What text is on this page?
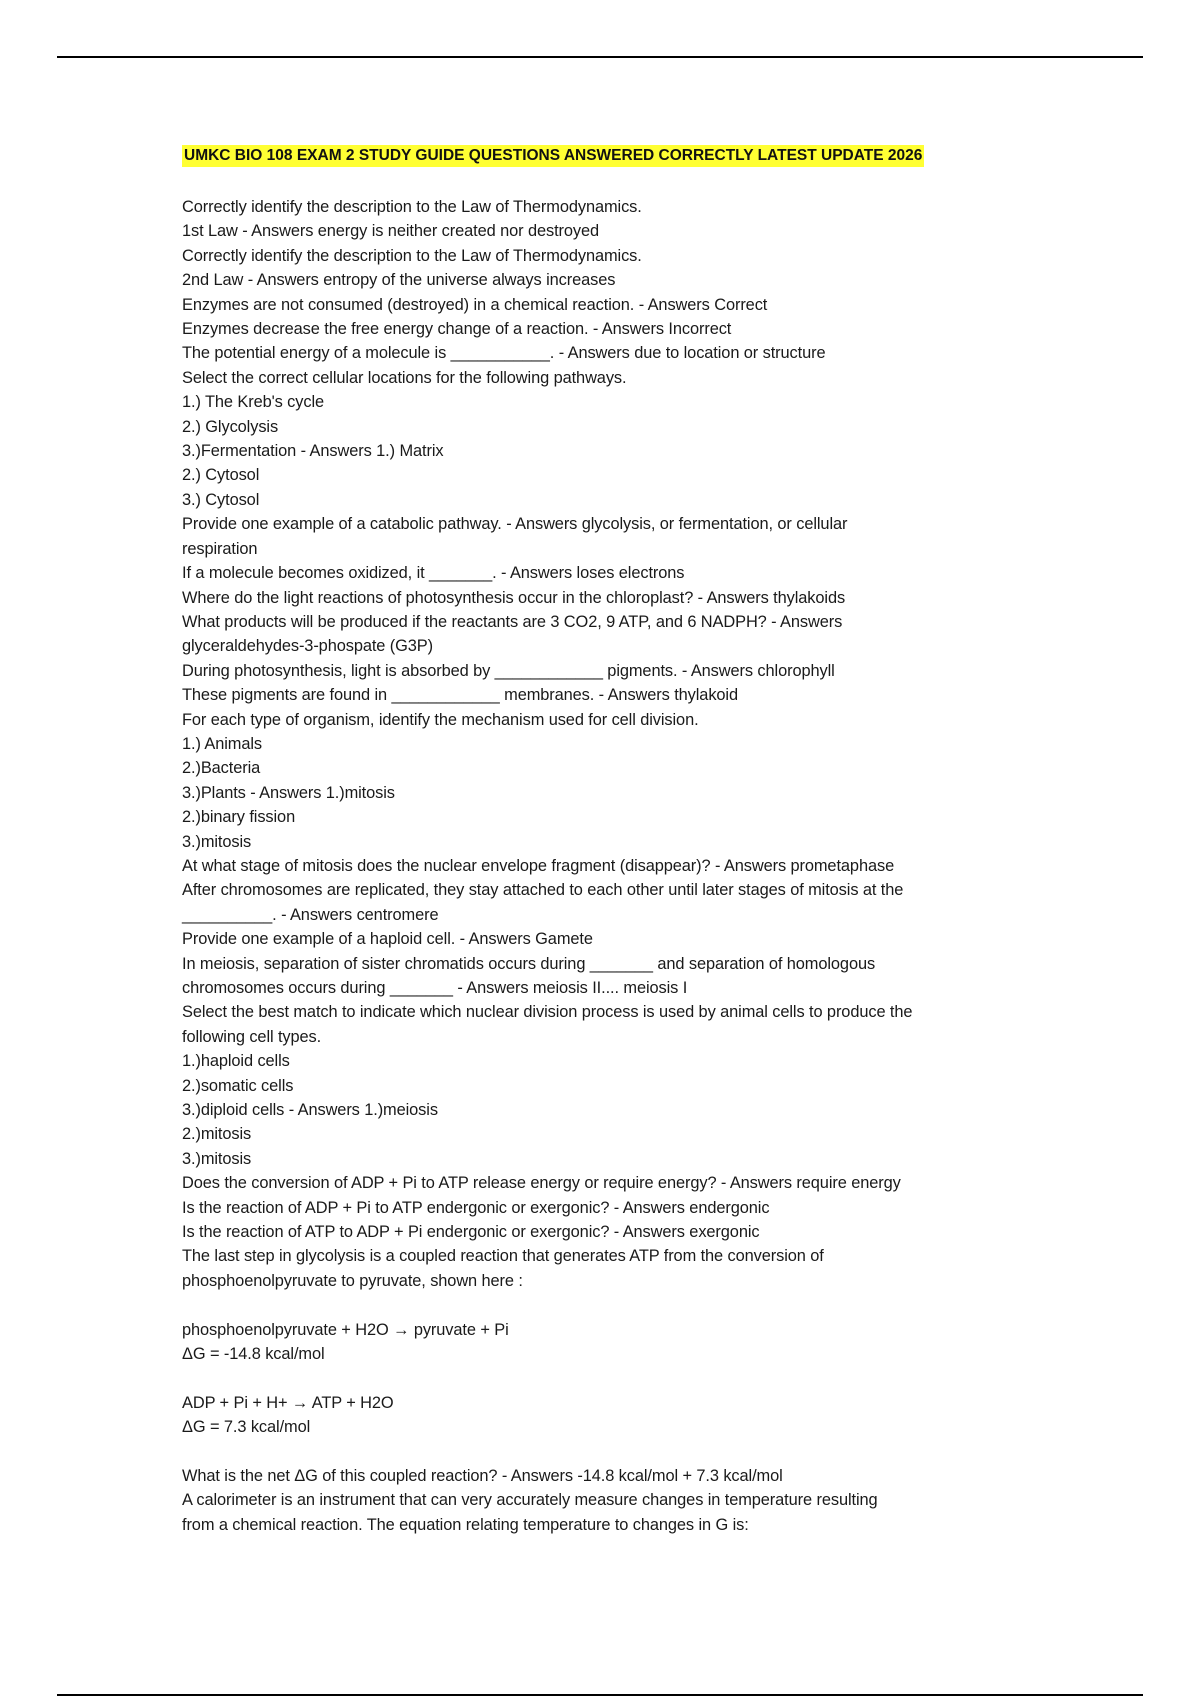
UMKC BIO 108 EXAM 2 STUDY GUIDE QUESTIONS ANSWERED CORRECTLY LATEST UPDATE 2026
Correctly identify the description to the Law of Thermodynamics.
1st Law - Answers energy is neither created nor destroyed
Correctly identify the description to the Law of Thermodynamics.
2nd Law - Answers entropy of the universe always increases
Enzymes are not consumed (destroyed) in a chemical reaction. - Answers Correct
Enzymes decrease the free energy change of a reaction. - Answers Incorrect
The potential energy of a molecule is ___________. - Answers due to location or structure
Select the correct cellular locations for the following pathways.
1.) The Kreb's cycle
2.) Glycolysis
3.)Fermentation - Answers 1.) Matrix
2.) Cytosol
3.) Cytosol
Provide one example of a catabolic pathway. - Answers glycolysis, or fermentation, or cellular
respiration
If a molecule becomes oxidized, it _______. - Answers loses electrons
Where do the light reactions of photosynthesis occur in the chloroplast? - Answers thylakoids
What products will be produced if the reactants are 3 CO2, 9 ATP, and 6 NADPH? - Answers
glyceraldehydes-3-phospate (G3P)
During photosynthesis, light is absorbed by ____________ pigments. - Answers chlorophyll
These pigments are found in ____________ membranes. - Answers thylakoid
For each type of organism, identify the mechanism used for cell division.
1.) Animals
2.)Bacteria
3.)Plants - Answers 1.)mitosis
2.)binary fission
3.)mitosis
At what stage of mitosis does the nuclear envelope fragment (disappear)? - Answers prometaphase
After chromosomes are replicated, they stay attached to each other until later stages of mitosis at the
__________. - Answers centromere
Provide one example of a haploid cell. - Answers Gamete
In meiosis, separation of sister chromatids occurs during _______ and separation of homologous
chromosomes occurs during _______ - Answers meiosis II.... meiosis I
Select the best match to indicate which nuclear division process is used by animal cells to produce the
following cell types.
1.)haploid cells
2.)somatic cells
3.)diploid cells - Answers 1.)meiosis
2.)mitosis
3.)mitosis
Does the conversion of ADP + Pi to ATP release energy or require energy? - Answers require energy
Is the reaction of ADP + Pi to ATP endergonic or exergonic? - Answers endergonic
Is the reaction of ATP to ADP + Pi endergonic or exergonic? - Answers exergonic
The last step in glycolysis is a coupled reaction that generates ATP from the conversion of
phosphoenolpyruvate to pyruvate, shown here :
phosphoenolpyruvate + H2O → pyruvate + Pi
ΔG = -14.8 kcal/mol
ADP + Pi + H+ → ATP + H2O
ΔG = 7.3 kcal/mol
What is the net ΔG of this coupled reaction? - Answers -14.8 kcal/mol + 7.3 kcal/mol
A calorimeter is an instrument that can very accurately measure changes in temperature resulting
from a chemical reaction. The equation relating temperature to changes in G is:
